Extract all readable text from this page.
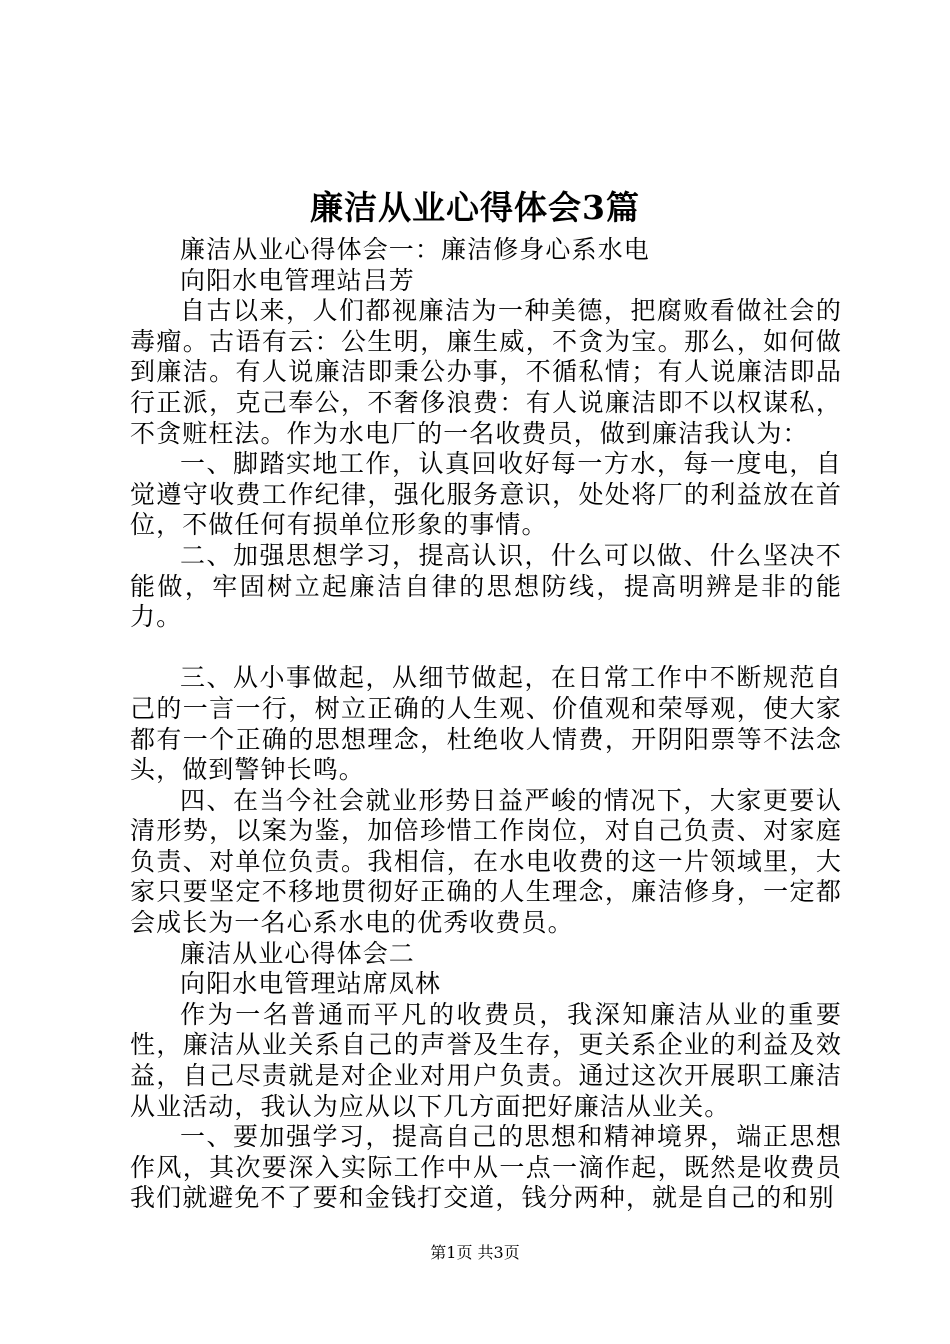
廉洁从业心得体会3篇

廉洁从业心得体会一：廉洁修身心系水电

向阳水电管理站吕芳

自古以来，人们都视廉洁为一种美德，把腐败看做社会的毒瘤。古语有云：公生明，廉生威，不贪为宝。那么，如何做到廉洁。有人说廉洁即秉公办事，不循私情；有人说廉洁即品行正派，克己奉公，不奢侈浪费：有人说廉洁即不以权谋私，不贪赃枉法。作为水电厂的一名收费员，做到廉洁我认为：

一、脚踏实地工作，认真回收好每一方水，每一度电，自觉遵守收费工作纪律，强化服务意识，处处将厂的利益放在首位，不做任何有损单位形象的事情。

二、加强思想学习，提高认识，什么可以做、什么坚决不能做，牢固树立起廉洁自律的思想防线，提高明辨是非的能力。

三、从小事做起，从细节做起，在日常工作中不断规范自己的一言一行，树立正确的人生观、价值观和荣辱观，使大家都有一个正确的思想理念，杜绝收人情费，开阴阳票等不法念头，做到警钟长鸣。

四、在当今社会就业形势日益严峻的情况下，大家更要认清形势，以案为鉴，加倍珍惜工作岗位，对自己负责、对家庭负责、对单位负责。我相信，在水电收费的这一片领域里，大家只要坚定不移地贯彻好正确的人生理念，廉洁修身，一定都会成长为一名心系水电的优秀收费员。

廉洁从业心得体会二

向阳水电管理站席凤林

作为一名普通而平凡的收费员，我深知廉洁从业的重要性，廉洁从业关系自己的声誉及生存，更关系企业的利益及效益，自己尽责就是对企业对用户负责。通过这次开展职工廉洁从业活动，我认为应从以下几方面把好廉洁从业关。

一、要加强学习，提高自己的思想和精神境界，端正思想作风，其次要深入实际工作中从一点一滴作起，既然是收费员我们就避免不了要和金钱打交道，钱分两种，就是自己的和别

第1页 共3页
